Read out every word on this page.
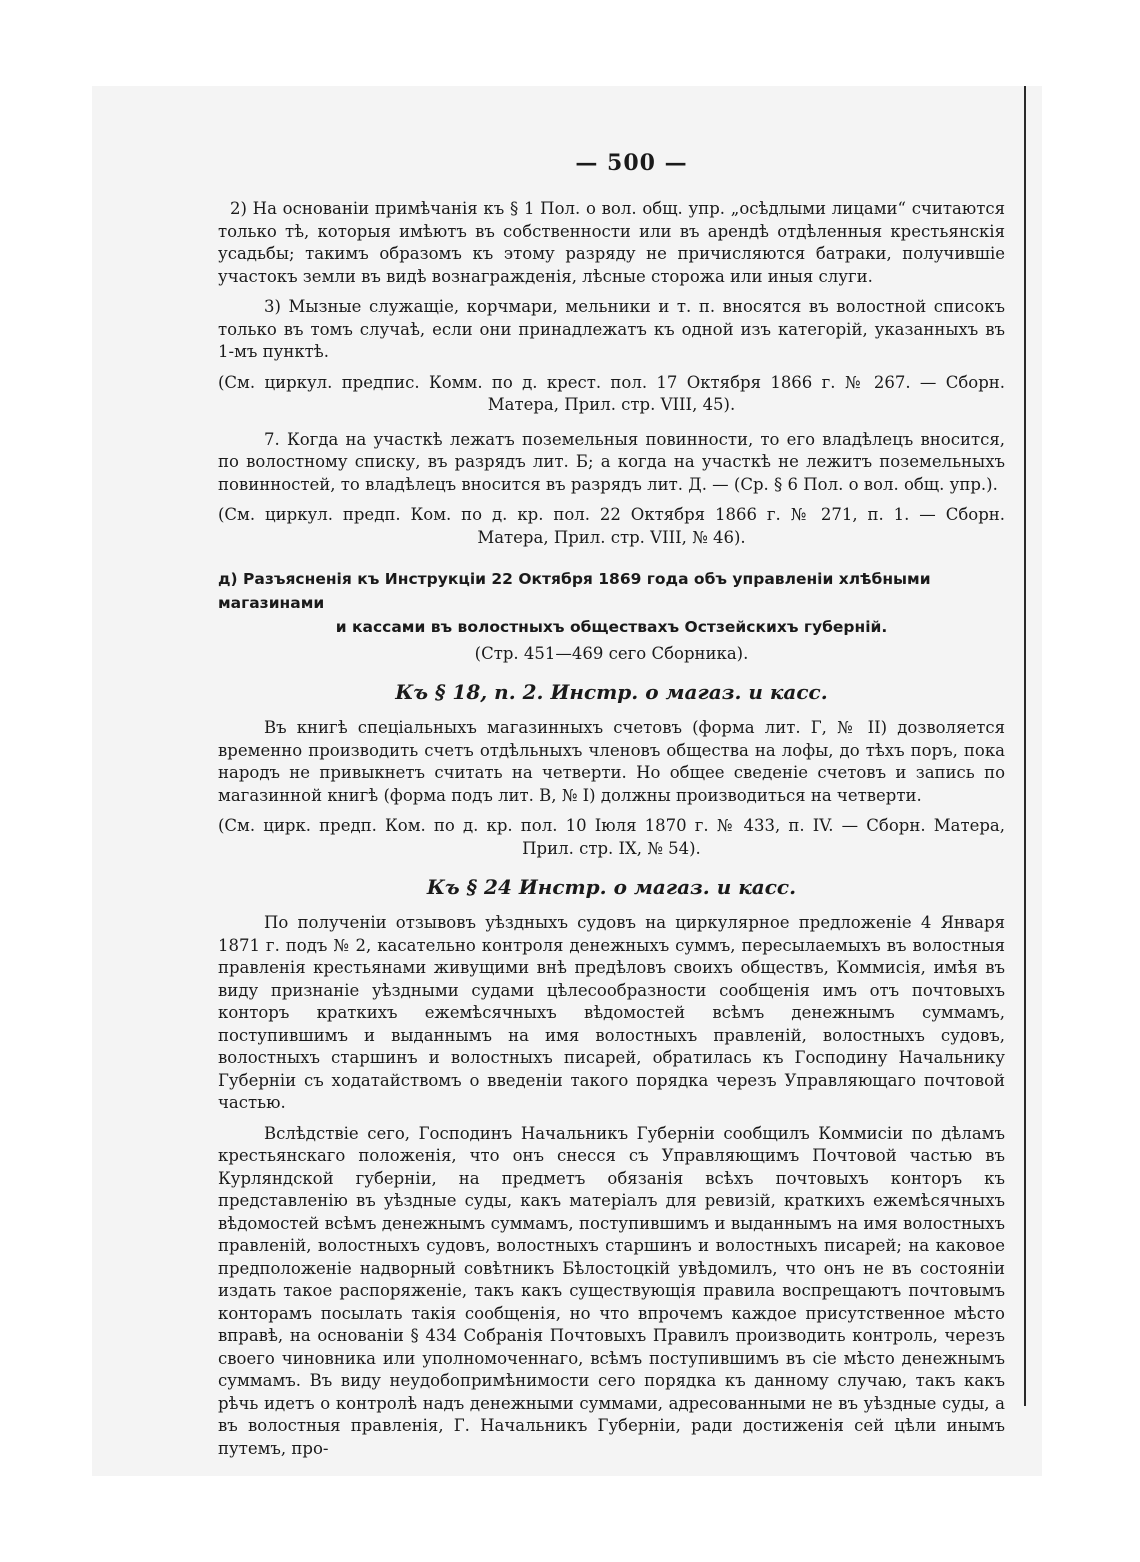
— 500 —

2) На основаніи примѣчанія къ § 1 Пол. о вол. общ. упр. „осѣдлыми лицами“ считаются только тѣ, которыя имѣютъ въ собственности или въ арендѣ отдѣленныя крестьянскія усадьбы; такимъ образомъ къ этому разряду не причисляются батраки, получившіе участокъ земли въ видѣ вознагражденія, лѣсные сторожа или иныя слуги.

3) Мызные служащіе, корчмари, мельники и т. п. вносятся въ волостной списокъ только въ томъ случаѣ, если они принадлежатъ къ одной изъ категорій, указанныхъ въ 1-мъ пунктѣ.

(См. циркул. предпис. Комм. по д. крест. пол. 17 Октября 1866 г. № 267. — Сборн.
Матера, Прил. стр. VIII, 45).

7. Когда на участкѣ лежатъ поземельныя повинности, то его владѣлецъ вносится, по волостному списку, въ разрядъ лит. Б; а когда на участкѣ не лежитъ поземельныхъ повинностей, то владѣлецъ вносится въ разрядъ лит. Д. — (Ср. § 6 Пол. о вол. общ. упр.).

(См. циркул. предп. Ком. по д. кр. пол. 22 Октября 1866 г. № 271, п. 1. — Сборн.
Матера, Прил. стр. VIII, № 46).
д) Разъясненія къ Инструкціи 22 Октября 1869 года объ управленіи хлѣбными магазинами
и кассами въ волостныхъ обществахъ Остзейскихъ губерній.
(Стр. 451—469 сего Сборника).
Къ § 18, п. 2. Инстр. о магаз. и касс.

Въ книгѣ спеціальныхъ магазинныхъ счетовъ (форма лит. Г, № II) дозволяется временно производить счетъ отдѣльныхъ членовъ общества на лофы, до тѣхъ поръ, пока народъ не привыкнетъ считать на четверти. Но общее сведеніе счетовъ и запись по магазинной книгѣ (форма подъ лит. В, № I) должны производиться на четверти.

(См. цирк. предп. Ком. по д. кр. пол. 10 Іюля 1870 г. № 433, п. IV. — Сборн. Матера,
Прил. стр. IX, № 54).
Къ § 24 Инстр. о магаз. и касс.

По полученіи отзывовъ уѣздныхъ судовъ на циркулярное предложеніе 4 Января 1871 г. подъ № 2, касательно контроля денежныхъ суммъ, пересылаемыхъ въ волостныя правленія крестьянами живущими внѣ предѣловъ своихъ обществъ, Коммисія, имѣя въ виду признаніе уѣздными судами цѣлесообразности сообщенія имъ отъ почтовыхъ конторъ краткихъ ежемѣсячныхъ вѣдомостей всѣмъ денежнымъ суммамъ, поступившимъ и выданнымъ на имя волостныхъ правленій, волостныхъ судовъ, волостныхъ старшинъ и волостныхъ писарей, обратилась къ Господину Начальнику Губерніи съ ходатайствомъ о введеніи такого порядка черезъ Управляющаго почтовой частью.

Вслѣдствіе сего, Господинъ Начальникъ Губерніи сообщилъ Коммисіи по дѣламъ крестьянскаго положенія, что онъ снесся съ Управляющимъ Почтовой частью въ Курляндской губерніи, на предметъ обязанія всѣхъ почтовыхъ конторъ къ представленію въ уѣздные суды, какъ матеріалъ для ревизій, краткихъ ежемѣсячныхъ вѣдомостей всѣмъ денежнымъ суммамъ, поступившимъ и выданнымъ на имя волостныхъ правленій, волостныхъ судовъ, волостныхъ старшинъ и волостныхъ писарей; на каковое предположеніе надворный совѣтникъ Бѣлостоцкій увѣдомилъ, что онъ не въ состояніи издать такое распоряженіе, такъ какъ существующія правила воспрещаютъ почтовымъ конторамъ посылать такія сообщенія, но что впрочемъ каждое присутственное мѣсто вправѣ, на основаніи § 434 Собранія Почтовыхъ Правилъ производить контроль, черезъ своего чиновника или уполномоченнаго, всѣмъ поступившимъ въ сіе мѣсто денежнымъ суммамъ. Въ виду неудобопримѣнимости сего порядка къ данному случаю, такъ какъ рѣчь идетъ о контролѣ надъ денежными суммами, адресованными не въ уѣздные суды, а въ волостныя правленія, Г. Начальникъ Губерніи, ради достиженія сей цѣли инымъ путемъ, про-
